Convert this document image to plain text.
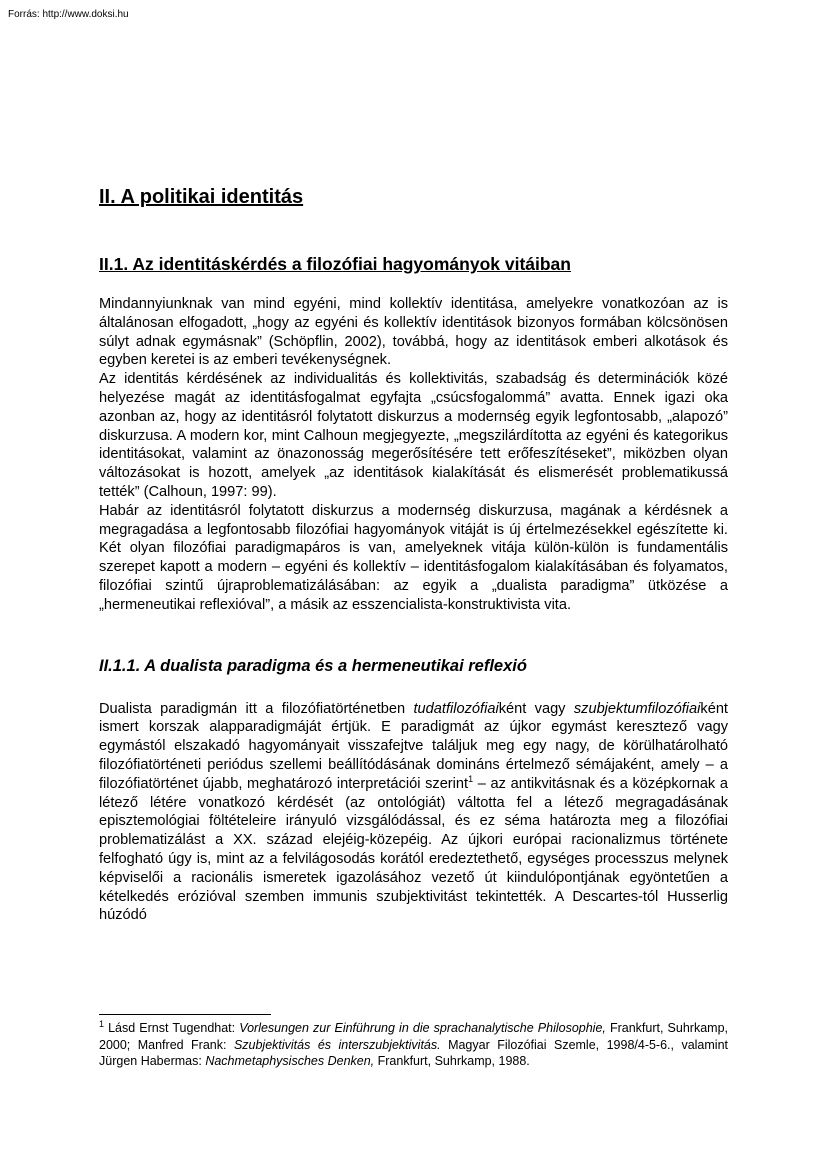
Forrás: http://www.doksi.hu
II. A politikai identitás
II.1. Az identitáskérdés a filozófiai hagyományok vitáiban

Mindannyiunknak van mind egyéni, mind kollektív identitása, amelyekre vonatkozóan az is általánosan elfogadott, „hogy az egyéni és kollektív identitások bizonyos formában kölcsönösen súlyt adnak egymásnak” (Schöpflin, 2002), továbbá, hogy az identitások emberi alkotások és egyben keretei is az emberi tevékenységnek.

Az identitás kérdésének az individualitás és kollektivitás, szabadság és determinációk közé helyezése magát az identitásfogalmat egyfajta „csúcsfogalommá” avatta. Ennek igazi oka azonban az, hogy az identitásról folytatott diskurzus a modernség egyik legfontosabb, „alapozó” diskurzusa. A modern kor, mint Calhoun megjegyezte, „megszilárdította az egyéni és kategorikus identitásokat, valamint az önazonosság megerősítésére tett erőfeszítéseket”, miközben olyan változásokat is hozott, amelyek „az identitások kialakítását és elismerését problematikussá tették” (Calhoun, 1997: 99).

Habár az identitásról folytatott diskurzus a modernség diskurzusa, magának a kérdésnek a megragadása a legfontosabb filozófiai hagyományok vitáját is új értelmezésekkel egészítette ki. Két olyan filozófiai paradigmapáros is van, amelyeknek vitája külön-külön is fundamentális szerepet kapott a modern – egyéni és kollektív – identitásfogalom kialakításában és folyamatos, filozófiai szintű újraproblematizálásában: az egyik a „dualista paradigma” ütközése a „hermeneutikai reflexióval”, a másik az esszencialista-konstruktivista vita.

II.1.1. A dualista paradigma és a hermeneutikai reflexió

Dualista paradigmán itt a filozófiatörténetben tudatfilozófiaiként vagy szubjektumfilozófiaiként ismert korszak alapparadigmáját értjük. E paradigmát az újkor egymást keresztező vagy egymástól elszakadó hagyományait visszafejtve találjuk meg egy nagy, de körülhatárolható filozófiatörténeti periódus szellemi beállítódásának domináns értelmező sémájaként, amely – a filozófiatörténet újabb, meghatározó interpretációi szerint$^1$ – az antikvitásnak és a középkornak a létező létére vonatkozó kérdését (az ontológiát) váltotta fel a létező megragadásának episztemológiai föltételeire irányuló vizsgálódással, és ez séma határozta meg a filozófiai problematizálást a XX. század elejéig-közepéig. Az újkori európai racionalizmus története felfogható úgy is, mint az a felvilágosodás korától eredeztethető, egységes processzus melynek képviselői a racionális ismeretek igazolásához vezető út kiindulópontjának egyöntetűen a kételkedés erózióval szemben immunis szubjektivitást tekintették. A Descartes-tól Husserlig húzódó

$^1$ Lásd Ernst Tugendhat: Vorlesungen zur Einführung in die sprachanalytische Philosophie, Frankfurt, Suhrkamp, 2000; Manfred Frank: Szubjektivitás és interszubjektivitás. Magyar Filozófiai Szemle, 1998/4-5-6., valamint Jürgen Habermas: Nachmetaphysisches Denken, Frankfurt, Suhrkamp, 1988.
